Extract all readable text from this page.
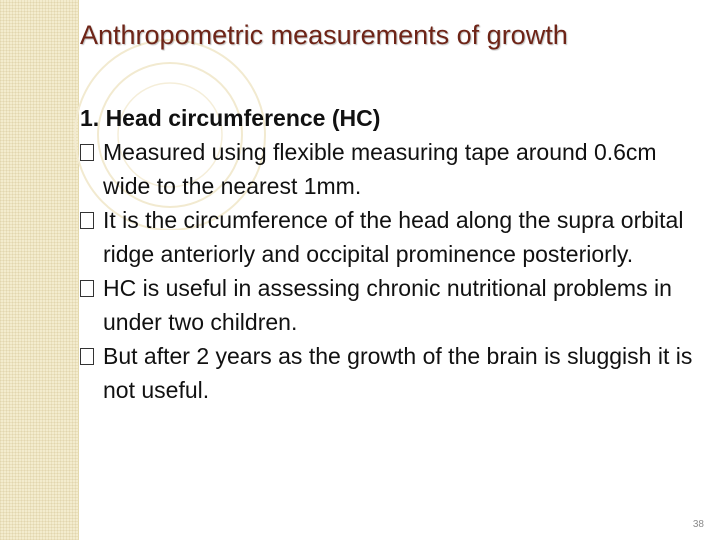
Anthropometric measurements of growth

1. Head circumference (HC)

Measured using flexible measuring tape around 0.6cm wide to the nearest 1mm.

It is the circumference of the head along the supra orbital ridge anteriorly and occipital prominence posteriorly.

HC is useful in assessing chronic nutritional problems in under two children.

But after 2 years as the growth of the brain is sluggish it is not useful.

38
